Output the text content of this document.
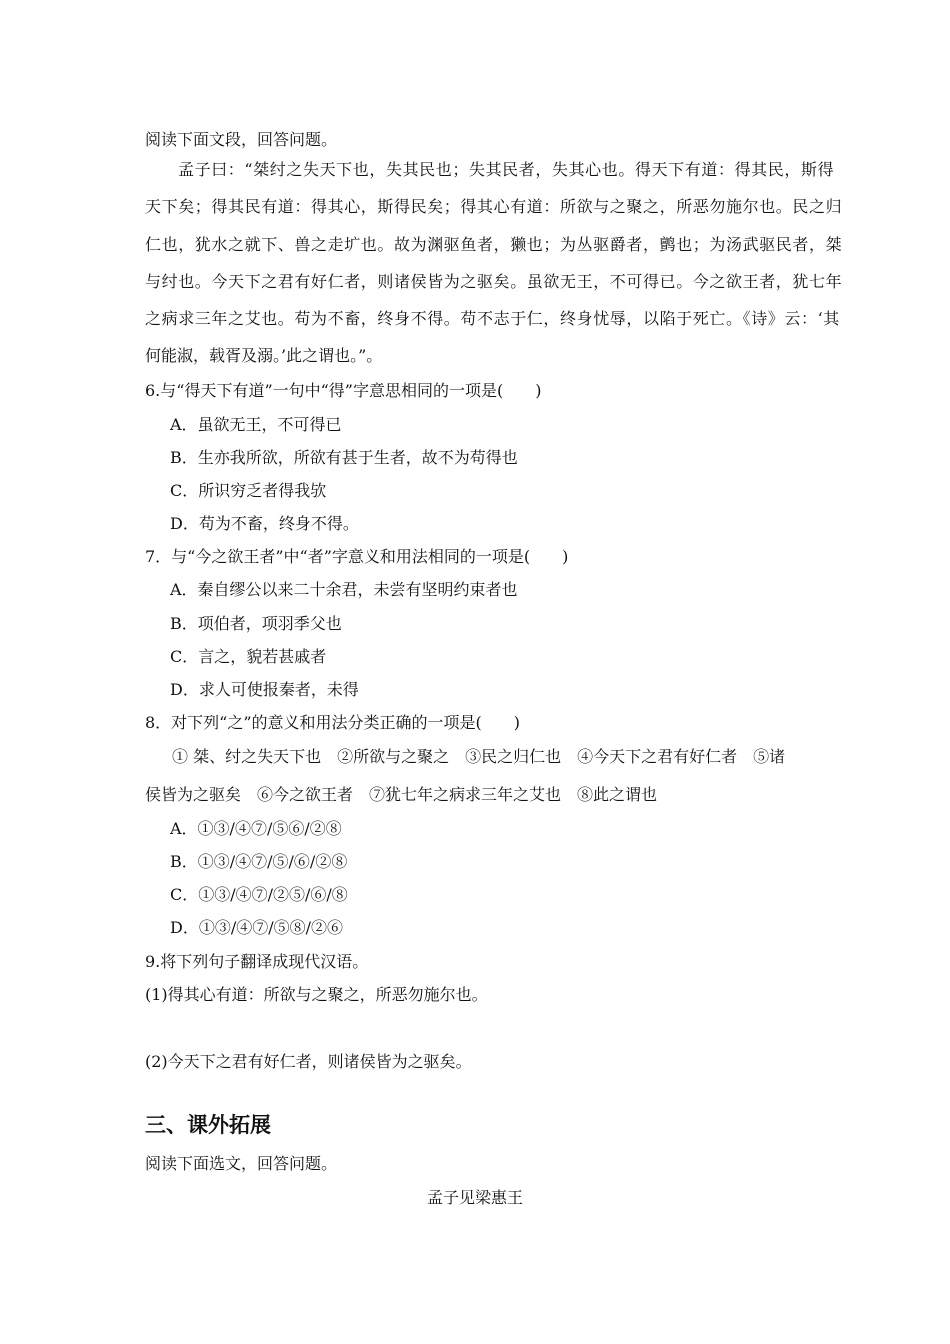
阅读下面文段，回答问题。
孟子曰：“桀纣之失天下也，失其民也；失其民者，失其心也。得天下有道：得其民，斯得
天下矣；得其民有道：得其心，斯得民矣；得其心有道：所欲与之聚之，所恶勿施尔也。民之归
仁也，犹水之就下、兽之走圹也。故为渊驱鱼者，獭也；为丛驱爵者，鹯也；为汤武驱民者，桀
与纣也。今天下之君有好仁者，则诸侯皆为之驱矣。虽欲无王，不可得已。今之欲王者，犹七年
之病求三年之艾也。苟为不畜，终身不得。苟不志于仁，终身忧辱，以陷于死亡。《诗》云：‘其
何能淑，载胥及溺。’此之谓也。”。
6.与“得天下有道”一句中“得”字意思相同的一项是(　　)
A．虽欲无王，不可得已
B．生亦我所欲，所欲有甚于生者，故不为苟得也
C．所识穷乏者得我欤
D．苟为不畜，终身不得。
7．与“今之欲王者”中“者”字意义和用法相同的一项是(　　)
A．秦自缪公以来二十余君，未尝有坚明约束者也
B．项伯者，项羽季父也
C．言之，貌若甚戚者
D．求人可使报秦者，未得
8．对下列“之”的意义和用法分类正确的一项是(　　)
① 桀、纣之失天下也　②所欲与之聚之　③民之归仁也　④今天下之君有好仁者　⑤诸
侯皆为之驱矣　⑥今之欲王者　⑦犹七年之病求三年之艾也　⑧此之谓也
A．①③/④⑦/⑤⑥/②⑧
B．①③/④⑦/⑤/⑥/②⑧
C．①③/④⑦/②⑤/⑥/⑧
D．①③/④⑦/⑤⑧/②⑥
9.将下列句子翻译成现代汉语。
(1)得其心有道：所欲与之聚之，所恶勿施尔也。
(2)今天下之君有好仁者，则诸侯皆为之驱矣。
三、课外拓展
阅读下面选文，回答问题。
孟子见梁惠王
